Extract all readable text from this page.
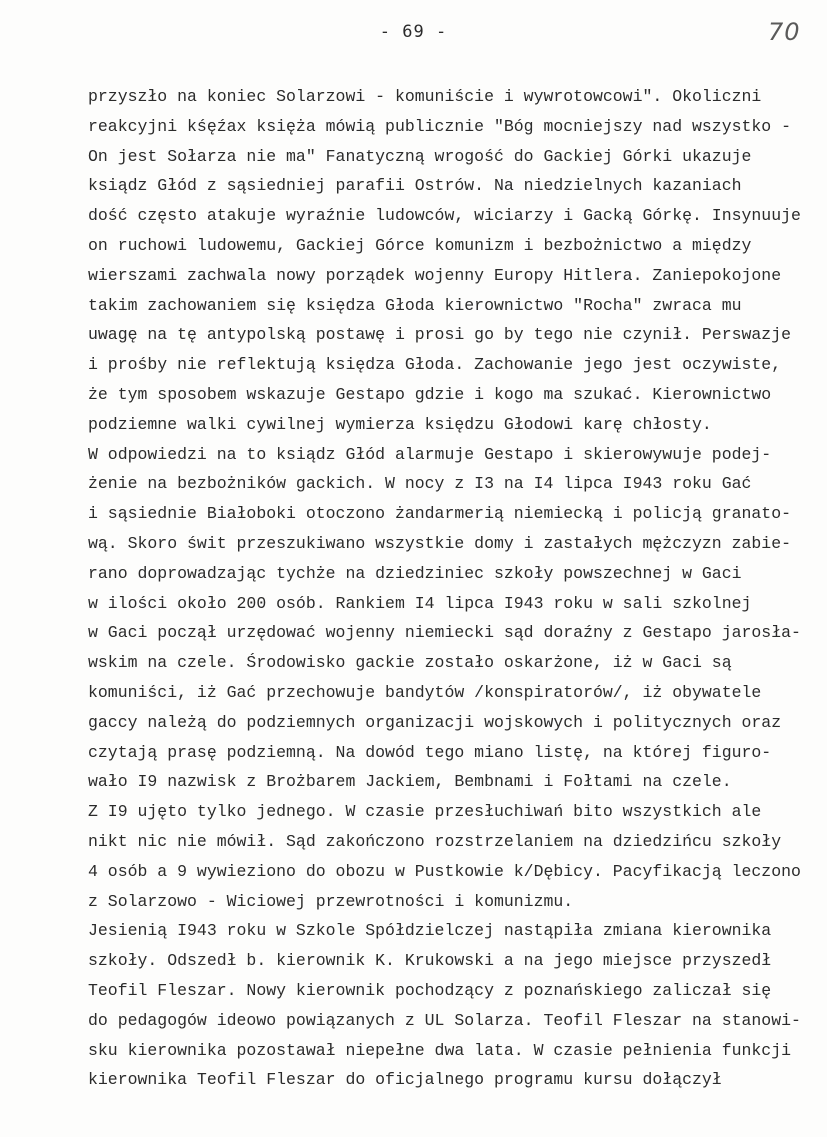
- 69 -	70
przyszło na koniec Solarzowi - komuniście i wywrotowcowi". Okoliczni
reakcyjni kśęźax księża mówią publicznie "Bóg mocniejszy nad wszystko -
On jest Sołarza nie ma" Fanatyczną wrogość do Gackiej Górki ukazuje
ksiądz Głód z sąsiedniej parafii Ostrów. Na niedzielnych kazaniach
dość często atakuje wyraźnie ludowców, wiciarzy i Gacką Górkę. Insynuuje
on ruchowi ludowemu, Gackiej Górce komunizm i bezbożnictwo a między
wierszami zachwala nowy porządek wojenny Europy Hitlera. Zaniepokojone
takim zachowaniem się księdza Głoda kierownictwo "Rocha" zwraca mu
uwagę na tę antypolską postawę i prosi go by tego nie czynił. Perswazje
i prośby nie reflektują księdza Głoda. Zachowanie jego jest oczywiste,
że tym sposobem wskazuje Gestapo gdzie i kogo ma szukać. Kierownictwo
podziemne walki cywilnej wymierza księdzu Głodowi karę chłosty.
W odpowiedzi na to ksiądz Głód alarmuje Gestapo i skierowywuje podej-
żenie na bezbożników gackich. W nocy z I3 na I4 lipca I943 roku Gać
i sąsiednie Białoboki otoczono żandarmerią niemiecką i policją granato-
wą. Skoro świt przeszukiwano wszystkie domy i zastałych mężczyzn zabie-
rano doprowadzając tychże na dziedziniec szkoły powszechnej w Gaci
w ilości około 200 osób. Rankiem I4 lipca I943 roku w sali szkolnej
w Gaci począł urzędować wojenny niemiecki sąd doraźny z Gestapo jarosła-
wskim na czele. Środowisko gackie zostało oskarżone, iż w Gaci są
komuniści, iż Gać przechowuje bandytów /konspiratorów/, iż obywatele
gaccy należą do podziemnych organizacji wojskowych i politycznych oraz
czytają prasę podziemną. Na dowód tego miano listę, na której figuro-
wało I9 nazwisk z Brożbarem Jackiem, Bembnami i Fołtami na czele.
Z I9 ujęto tylko jednego. W czasie przesłuchiwań bito wszystkich ale
nikt nic nie mówił. Sąd zakończono rozstrzelaniem na dziedzińcu szkoły
4 osób a 9 wywieziono do obozu w Pustkowie k/Dębicy. Pacyfikacją leczono
z Solarzowo - Wiciowej przewrotności i komunizmu.
Jesienią I943 roku w Szkole Spółdzielczej nastąpiła zmiana kierownika
szkoły. Odszedł b. kierownik K. Krukowski a na jego miejsce przyszedł
Teofil Fleszar. Nowy kierownik pochodzący z poznańskiego zaliczał się
do pedagogów ideowo powiązanych z UL Solarza. Teofil Fleszar na stanowi-
sku kierownika pozostawał niepełne dwa lata. W czasie pełnienia funkcji
kierownika Teofil Fleszar do oficjalnego programu kursu dołączył
